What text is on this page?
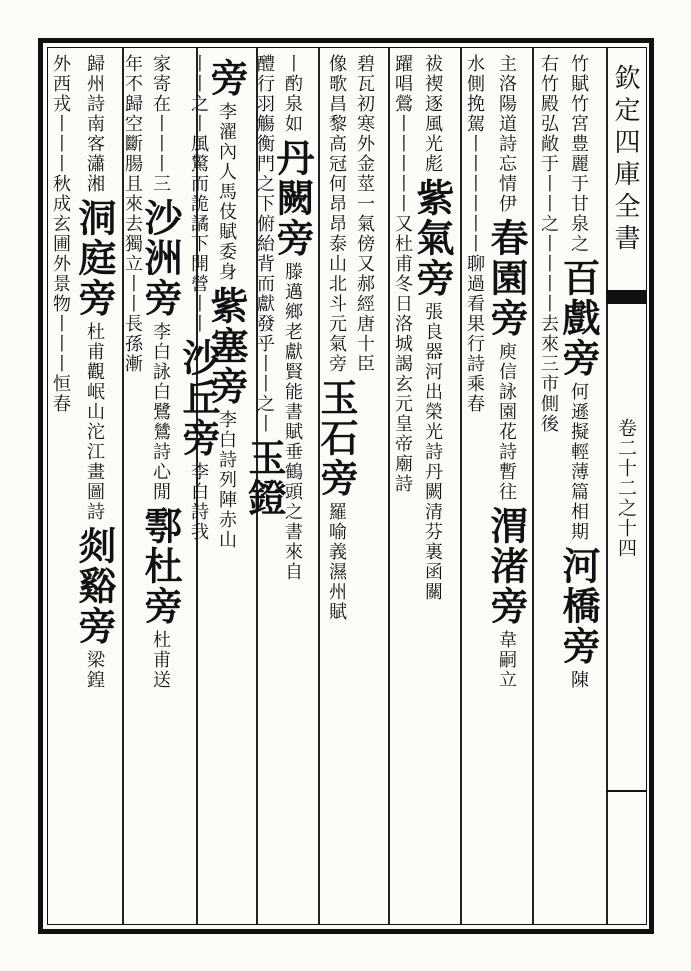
欽定四庫全書
卷二十二之十四
竹賦竹宮豊麗于甘泉之
百戲旁
何遜擬輕薄篇相期
河橋旁
陳
右竹殿弘敞于丨丨之丨
丨丨丨去來三市側
後
主洛陽道詩忘情伊
春園旁
庾信詠園花詩暫往
渭渚旁
韋嗣立
水側挽駕丨丨
丨丨丨丨聊過看果行
詩乘春
祓禊逐風光彪
紫氣旁
張良器河出榮光詩丹闕清芬裏函關
躍唱鶯丨丨丨
丨丨又杜甫冬日洛城謁玄元皇帝廟詩
碧瓦初寒外金莖一氣傍又郝經唐十臣
像歌昌黎高冠何昂昂泰山北斗元氣旁
玉石旁
羅喻義濕州賦
丨酌泉如
丹闕旁
滕邁鄉老獻賢能書賦垂鶴頭之書來自
醴行羽觴
衡門之下俯紿背而獻發乎丨丨之丨
玉鐙
旁
李濯內人馬伎賦委身
紫塞旁
李白詩列陣赤山
丨丨之丨風驚而詭譎
下開營丨丨
沙丘旁
李白詩我
家寄在丨丨丨三
沙洲旁
李白詠白鷺鷥詩心閒
鄠杜旁
杜甫送
年不歸空斷腸
且來去獨立丨丨
長孫漸
歸州詩南客瀟湘
洞庭旁
杜甫觀岷山沱江畫圖詩
剡谿旁
梁鍠
外西戎丨丨丨
秋成玄圃外景物丨丨丨
恒春
